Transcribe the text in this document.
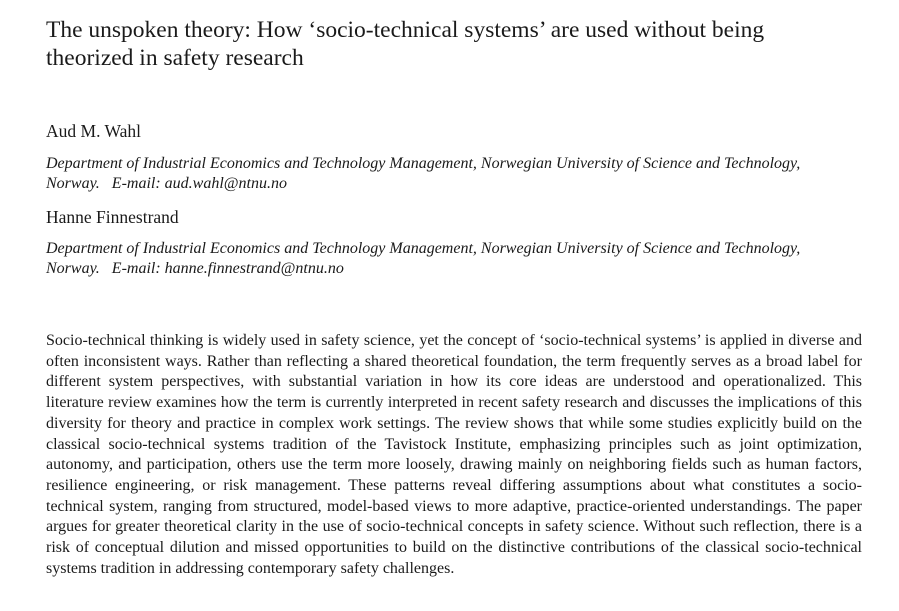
The unspoken theory: How ‘socio-technical systems’ are used without being theorized in safety research

Aud M. Wahl

Department of Industrial Economics and Technology Management, Norwegian University of Science and Technology, Norway. E-mail: aud.wahl@ntnu.no

Hanne Finnestrand

Department of Industrial Economics and Technology Management, Norwegian University of Science and Technology, Norway. E-mail: hanne.finnestrand@ntnu.no

Socio-technical thinking is widely used in safety science, yet the concept of ‘socio-technical systems’ is applied in diverse and often inconsistent ways. Rather than reflecting a shared theoretical foundation, the term frequently serves as a broad label for different system perspectives, with substantial variation in how its core ideas are understood and operationalized. This literature review examines how the term is currently interpreted in recent safety research and discusses the implications of this diversity for theory and practice in complex work settings. The review shows that while some studies explicitly build on the classical socio-technical systems tradition of the Tavistock Institute, emphasizing principles such as joint optimization, autonomy, and participation, others use the term more loosely, drawing mainly on neighboring fields such as human factors, resilience engineering, or risk management. These patterns reveal differing assumptions about what constitutes a socio-technical system, ranging from structured, model-based views to more adaptive, practice-oriented understandings. The paper argues for greater theoretical clarity in the use of socio-technical concepts in safety science. Without such reflection, there is a risk of conceptual dilution and missed opportunities to build on the distinctive contributions of the classical socio-technical systems tradition in addressing contemporary safety challenges.
